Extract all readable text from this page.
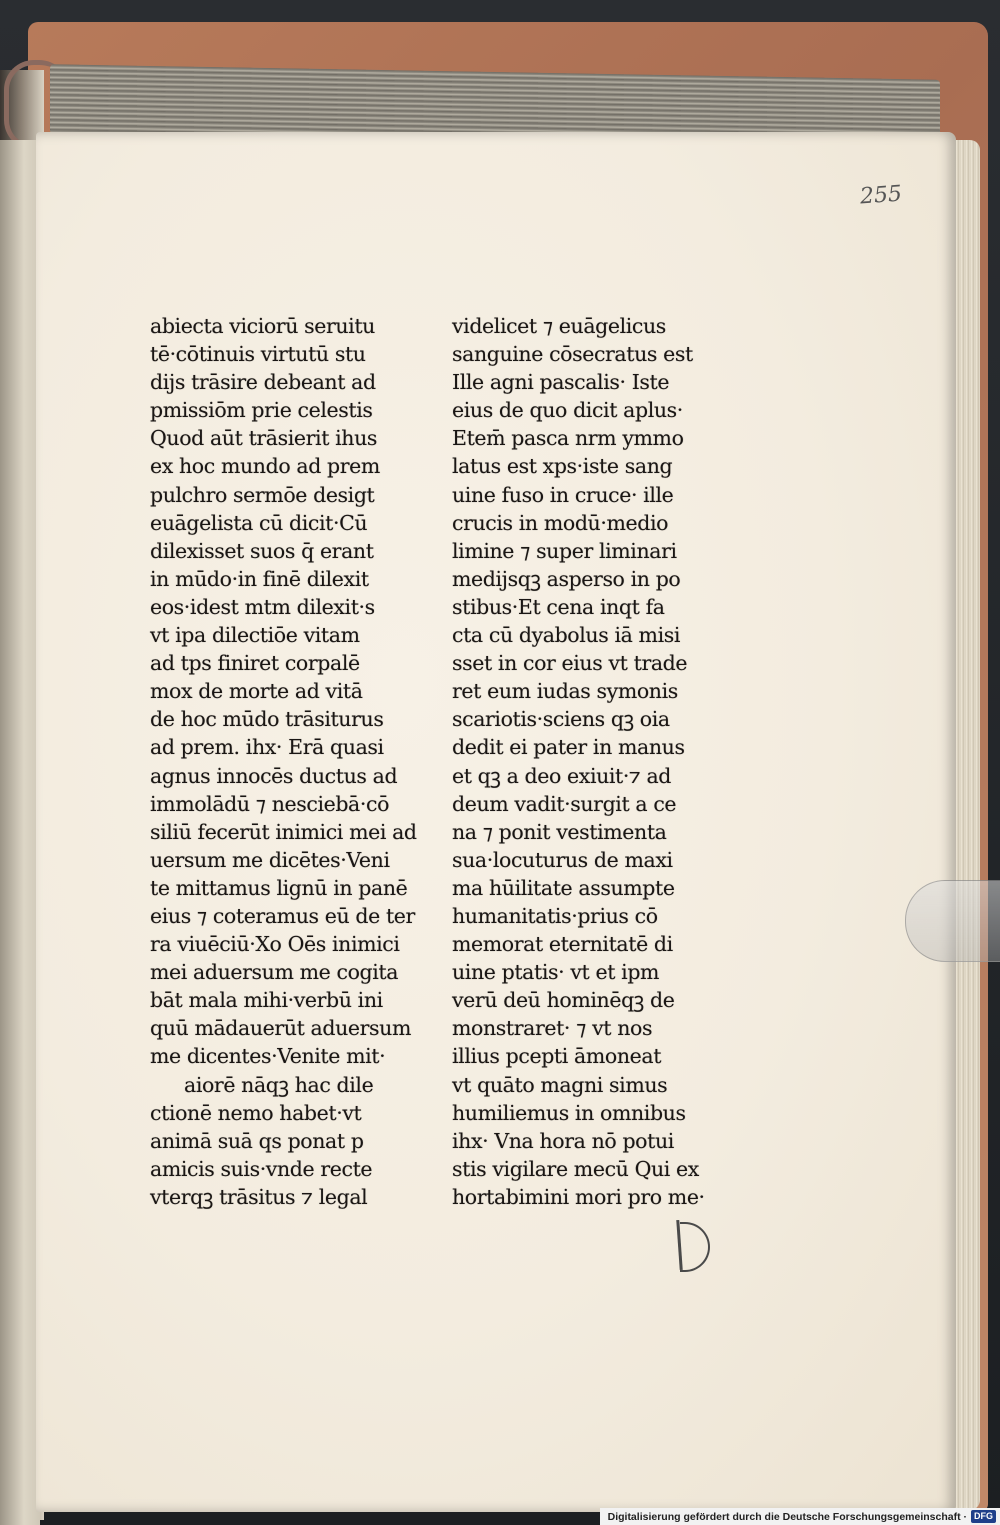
255
abiecta viciorū seruitu
tē·cōtinuis virtutū stu
dijs trāsire debeant ad
pmissiōm prie celestis
Quod aūt trāsierit ihus
ex hoc mundo ad prem
pulchro sermōe desigt
euāgelista cū dicit·Cū
dilexisset suos q̄ erant
in mūdo·in finē dilexit
eos·idest mtm dilexit·s
vt ipa dilectiōe vitam
ad tps finiret corpalē
mox de morte ad vitā
de hoc mūdo trāsiturus
ad prem. ihx· Erā quasi
agnus innocēs ductus ad
immolādū ⁊ nesciebā·cō
siliū fecerūt inimici mei ad
uersum me dicētes·Veni
te mittamus lignū in panē
eius ⁊ coteramus eū de ter
ra viuēciū·Xo Oēs inimici
mei aduersum me cogita
bāt mala mihi·verbū ini
quū mādauerūt aduersum
me dicentes·Venite mit·
aiorē nāqꝫ hac dile
ctionē nemo habet·vt
animā suā qs ponat p
amicis suis·vnde recte
vterqꝫ trāsitus ⁊ legal
videlicet ⁊ euāgelicus
sanguine cōsecratus est
Ille agni pascalis· Iste
eius de quo dicit aplus·
Etem̄ pasca nrm ymmo
latus est xps·iste sang
uine fuso in cruce· ille
crucis in modū·medio
limine ⁊ super liminari
medijsqꝫ asperso in po
stibus·Et cena inqt fa
cta cū dyabolus iā misi
sset in cor eius vt trade
ret eum iudas symonis
scariotis·sciens qꝫ oia
dedit ei pater in manus
et qꝫ a deo exiuit·⁊ ad
deum vadit·surgit a ce
na ⁊ ponit vestimenta
sua·locuturus de maxi
ma hūilitate assumpte
humanitatis·prius cō
memorat eternitatē di
uine ptatis· vt et ipm
verū deū hominēqꝫ de
monstraret· ⁊ vt nos
illius pcepti āmoneat
vt quāto magni simus
humiliemus in omnibus
ihx· Vna hora nō potui
stis vigilare mecū Qui ex
hortabimini mori pro me·
Digitalisierung gefördert durch die Deutsche Forschungsgemeinschaft · DFG
